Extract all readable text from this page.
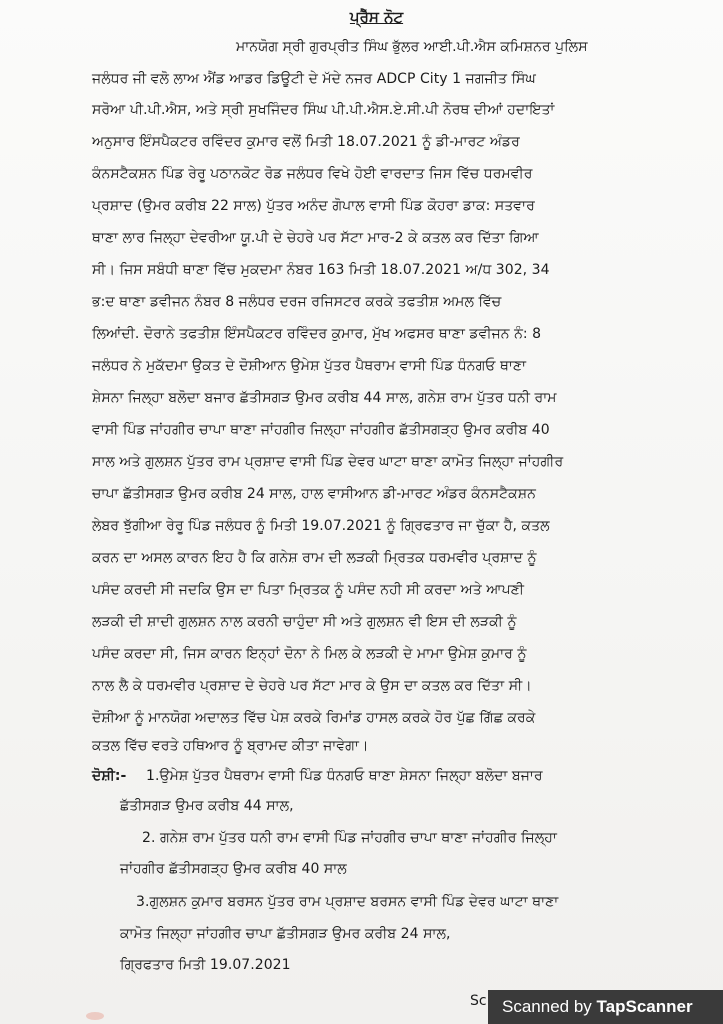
ਪ੍ਰੈੱਸ ਨੋਟ
ਮਾਨਯੋਗ ਸ੍ਰੀ ਗੁਰਪ੍ਰੀਤ ਸਿੰਘ ਭੁੱਲਰ ਆਈ.ਪੀ.ਐਸ ਕਮਿਸ਼ਨਰ ਪੁਲਿਸ
ਜਲੰਧਰ ਜੀ ਵਲੋ ਲਾਅ ਐਂਡ ਆਡਰ ਡਿਊਟੀ ਦੇ ਮੱਦੇ ਨਜਰ ADCP City 1 ਜਗਜੀਤ ਸਿੰਘ
ਸਰੋਆ ਪੀ.ਪੀ.ਐਸ, ਅਤੇ ਸ੍ਰੀ ਸੁਖਜਿੰਦਰ ਸਿੰਘ ਪੀ.ਪੀ.ਐਸ.ਏ.ਸੀ.ਪੀ ਨੋਰਥ ਦੀਆਂ ਹਦਾਇਤਾਂ
ਅਨੁਸਾਰ ਇੰਸਪੈਕਟਰ ਰਵਿੰਦਰ ਕੁਮਾਰ ਵਲੋਂ ਮਿਤੀ 18.07.2021 ਨੂੰ ਡੀ-ਮਾਰਟ ਅੰਡਰ
ਕੰਨਸਟੈਕਸ਼ਨ ਪਿੰਡ ਰੇਰੂ ਪਠਾਨਕੋਟ ਰੋਡ ਜਲੰਧਰ ਵਿਖੇ ਹੋਈ ਵਾਰਦਾਤ ਜਿਸ ਵਿੱਚ ਧਰਮਵੀਰ
ਪ੍ਰਸ਼ਾਦ (ਉਮਰ ਕਰੀਬ 22 ਸਾਲ) ਪੁੱਤਰ ਅਨੰਦ ਗੋਪਾਲ ਵਾਸੀ ਪਿੰਡ ਕੋਹਰਾ ਡਾਕ: ਸਤਵਾਰ
ਥਾਣਾ ਲਾਰ ਜਿਲ੍ਹਾ ਦੇਵਰੀਆ ਯੂ.ਪੀ ਦੇ ਚੇਹਰੇ ਪਰ ਸੱਟਾ ਮਾਰ-2 ਕੇ ਕਤਲ ਕਰ ਦਿੱਤਾ ਗਿਆ
ਸੀ। ਜਿਸ ਸਬੰਧੀ ਥਾਣਾ ਵਿੱਚ ਮੁਕਦਮਾ ਨੰਬਰ 163 ਮਿਤੀ 18.07.2021 ਅ/ਧ 302, 34
ਭ:ਦ ਥਾਣਾ ਡਵੀਜਨ ਨੰਬਰ 8 ਜਲੰਧਰ ਦਰਜ ਰਜਿਸਟਰ ਕਰਕੇ ਤਫਤੀਸ਼ ਅਮਲ ਵਿੱਚ
ਲਿਆਂਦੀ. ਦੋਰਾਨੇ ਤਫਤੀਸ਼ ਇੰਸਪੈਕਟਰ ਰਵਿੰਦਰ ਕੁਮਾਰ, ਮੁੱਖ ਅਫਸਰ ਥਾਣਾ ਡਵੀਜਨ ਨੰ: 8
ਜਲੰਧਰ ਨੇ ਮੁਕੱਦਮਾ ਉਕਤ ਦੇ ਦੋਸ਼ੀਆਨ ਉਮੇਸ਼ ਪੁੱਤਰ ਪੈਥਰਾਮ ਵਾਸੀ ਪਿੰਡ ਧੰਨਗਓ ਥਾਣਾ
ਸ਼ੇਸਨਾ ਜਿਲ੍ਹਾ ਬਲੋਦਾ ਬਜਾਰ ਛੱਤੀਸਗੜ ਉਮਰ ਕਰੀਬ 44 ਸਾਲ, ਗਨੇਸ਼ ਰਾਮ ਪੁੱਤਰ ਧਨੀ ਰਾਮ
ਵਾਸੀ ਪਿੰਡ ਜਾਂਹਗੀਰ ਚਾਪਾ ਥਾਣਾ ਜਾਂਹਗੀਰ ਜਿਲ੍ਹਾ ਜਾਂਹਗੀਰ ਛੱਤੀਸਗੜ੍ਹ ਉਮਰ ਕਰੀਬ 40
ਸਾਲ ਅਤੇ ਗੁਲਸ਼ਨ ਪੁੱਤਰ ਰਾਮ ਪ੍ਰਸ਼ਾਦ ਵਾਸੀ ਪਿੰਡ ਦੇਵਰ ਘਾਟਾ ਥਾਣਾ ਕਾਮੋਤ ਜਿਲ੍ਹਾ ਜਾਂਹਗੀਰ
ਚਾਪਾ ਛੱਤੀਸਗੜ ਉਮਰ ਕਰੀਬ 24 ਸਾਲ, ਹਾਲ ਵਾਸੀਆਨ ਡੀ-ਮਾਰਟ ਅੰਡਰ ਕੰਨਸਟੈਕਸ਼ਨ
ਲੇਬਰ ਝੁੱਗੀਆ ਰੇਰੂ ਪਿੰਡ ਜਲੰਧਰ ਨੂੰ ਮਿਤੀ 19.07.2021 ਨੂੰ ਗ੍ਰਿਫਤਾਰ ਜਾ ਚੁੱਕਾ ਹੈ, ਕਤਲ
ਕਰਨ ਦਾ ਅਸਲ ਕਾਰਨ ਇਹ ਹੈ ਕਿ ਗਨੇਸ਼ ਰਾਮ ਦੀ ਲੜਕੀ ਮ੍ਰਿਤਕ ਧਰਮਵੀਰ ਪ੍ਰਸ਼ਾਦ ਨੂੰ
ਪਸੰਦ ਕਰਦੀ ਸੀ ਜਦਕਿ ਉਸ ਦਾ ਪਿਤਾ ਮ੍ਰਿਤਕ ਨੂੰ ਪਸੰਦ ਨਹੀ ਸੀ ਕਰਦਾ ਅਤੇ ਆਪਣੀ
ਲੜਕੀ ਦੀ ਸ਼ਾਦੀ ਗੁਲਸ਼ਨ ਨਾਲ ਕਰਨੀ ਚਾਹੁੰਦਾ ਸੀ ਅਤੇ ਗੁਲਸ਼ਨ ਵੀ ਇਸ ਦੀ ਲੜਕੀ ਨੂੰ
ਪਸੰਦ ਕਰਦਾ ਸੀ, ਜਿਸ ਕਾਰਨ ਇਨ੍ਹਾਂ ਦੋਨਾ ਨੇ ਮਿਲ ਕੇ ਲੜਕੀ ਦੇ ਮਾਮਾ ਉਮੇਸ਼ ਕੁਮਾਰ ਨੂੰ
ਨਾਲ ਲੈ ਕੇ ਧਰਮਵੀਰ ਪ੍ਰਸ਼ਾਦ ਦੇ ਚੇਹਰੇ ਪਰ ਸੱਟਾ ਮਾਰ ਕੇ ਉਸ ਦਾ ਕਤਲ ਕਰ ਦਿੱਤਾ ਸੀ।
ਦੋਸ਼ੀਆ ਨੂੰ ਮਾਨਯੋਗ ਅਦਾਲਤ ਵਿੱਚ ਪੇਸ਼ ਕਰਕੇ ਰਿਮਾਂਡ ਹਾਸਲ ਕਰਕੇ ਹੋਰ ਪੁੱਛ ਗਿੱਛ ਕਰਕੇ
ਕਤਲ ਵਿੱਚ ਵਰਤੇ ਹਥਿਆਰ ਨੂੰ ਬ੍ਰਾਮਦ ਕੀਤਾ ਜਾਵੇਗਾ।
ਦੋਸ਼ੀ:- 1.ਉਮੇਸ਼ ਪੁੱਤਰ ਪੈਥਰਾਮ ਵਾਸੀ ਪਿੰਡ ਧੰਨਗਓ ਥਾਣਾ ਸ਼ੇਸਨਾ ਜਿਲ੍ਹਾ ਬਲੋਦਾ ਬਜਾਰ
ਛੱਤੀਸਗੜ ਉਮਰ ਕਰੀਬ 44 ਸਾਲ,
2. ਗਨੇਸ਼ ਰਾਮ ਪੁੱਤਰ ਧਨੀ ਰਾਮ ਵਾਸੀ ਪਿੰਡ ਜਾਂਹਗੀਰ ਚਾਪਾ ਥਾਣਾ ਜਾਂਹਗੀਰ ਜਿਲ੍ਹਾ
ਜਾਂਹਗੀਰ ਛੱਤੀਸਗੜ੍ਹ ਉਮਰ ਕਰੀਬ 40 ਸਾਲ
3.ਗੁਲਸ਼ਨ ਕੁਮਾਰ ਬਰਸਨ ਪੁੱਤਰ ਰਾਮ ਪ੍ਰਸ਼ਾਦ ਬਰਸਨ ਵਾਸੀ ਪਿੰਡ ਦੇਵਰ ਘਾਟਾ ਥਾਣਾ
ਕਾਮੋਤ ਜਿਲ੍ਹਾ ਜਾਂਹਗੀਰ ਚਾਪਾ ਛੱਤੀਸਗੜ ਉਮਰ ਕਰੀਬ 24 ਸਾਲ,
ਗ੍ਰਿਫਤਾਰ ਮਿਤੀ 19.07.2021
Sc Scanned by TapScanner
